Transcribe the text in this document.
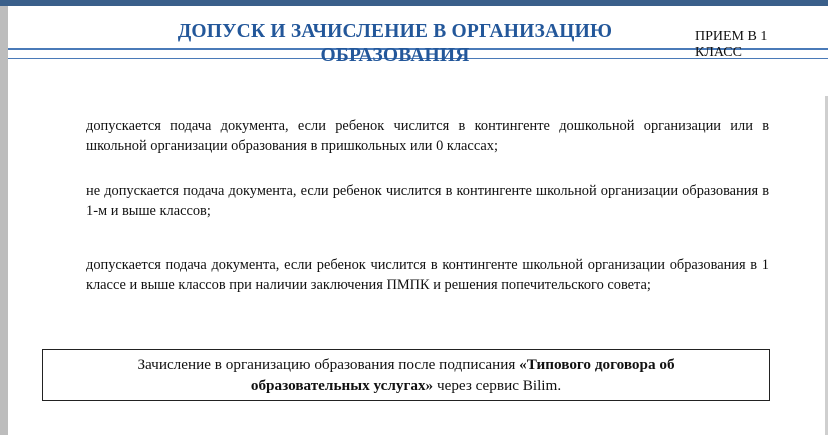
ДОПУСК И ЗАЧИСЛЕНИЕ В ОРГАНИЗАЦИЮ
ОБРАЗОВАНИЯ
ПРИЕМ В 1
КЛАСС
допускается подача документа, если ребенок числится в контингенте дошкольной организации или в школьной организации образования в пришкольных или 0 классах;
не допускается подача документа, если ребенок числится в контингенте школьной организации образования в 1-м и выше классов;
допускается подача документа, если ребенок числится в контингенте школьной организации образования в 1 классе и выше классов при наличии заключения ПМПК и решения попечительского совета;
Зачисление в организацию образования после подписания «Типового договора об образовательных услугах» через сервис Bilim.
